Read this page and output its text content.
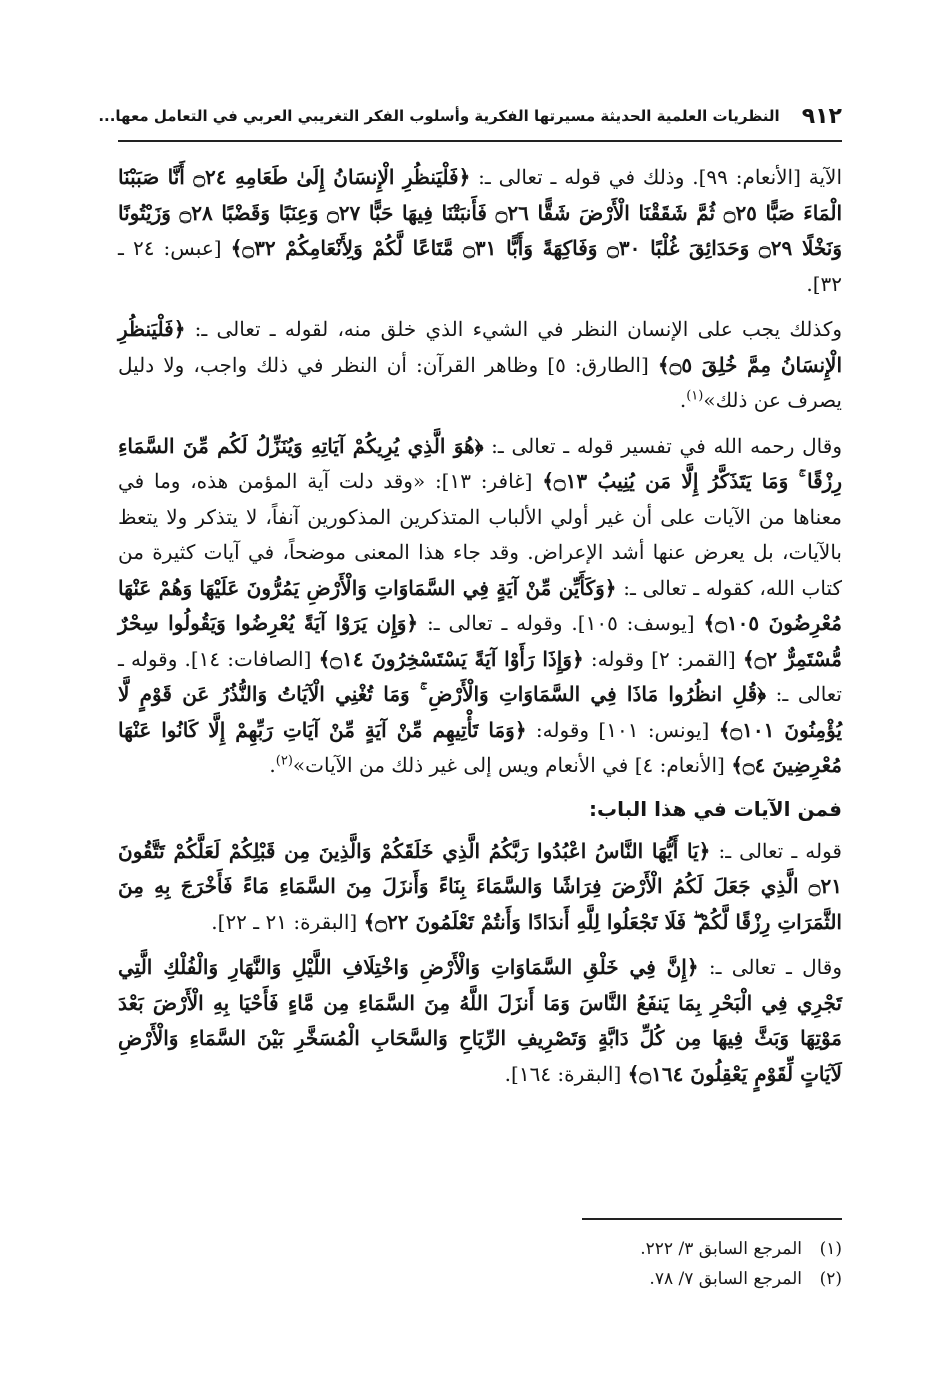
٩١٢
النظريات العلمية الحديثة مسيرتها الفكرية وأسلوب الفكر التغريبي العربي في التعامل معها...

الآية [الأنعام: ٩٩]. وذلك في قوله ـ تعالى ـ: ﴿فَلْيَنظُرِ الْإِنسَانُ إِلَىٰ طَعَامِهِ ۝٢٤ أَنَّا صَبَبْنَا الْمَاءَ صَبًّا ۝٢٥ ثُمَّ شَقَقْنَا الْأَرْضَ شَقًّا ۝٢٦ فَأَنبَتْنَا فِيهَا حَبًّا ۝٢٧ وَعِنَبًا وَقَضْبًا ۝٢٨ وَزَيْتُونًا وَنَخْلًا ۝٢٩ وَحَدَائِقَ غُلْبًا ۝٣٠ وَفَاكِهَةً وَأَبًّا ۝٣١ مَّتَاعًا لَّكُمْ وَلِأَنْعَامِكُمْ ۝٣٢﴾ [عبس: ٢٤ ـ ٣٢].

وكذلك يجب على الإنسان النظر في الشيء الذي خلق منه، لقوله ـ تعالى ـ: ﴿فَلْيَنظُرِ الْإِنسَانُ مِمَّ خُلِقَ ۝٥﴾ [الطارق: ٥] وظاهر القرآن: أن النظر في ذلك واجب، ولا دليل يصرف عن ذلك»$^{(١)}$.

وقال رحمه الله في تفسير قوله ـ تعالى ـ: ﴿هُوَ الَّذِي يُرِيكُمْ آيَاتِهِ وَيُنَزِّلُ لَكُم مِّنَ السَّمَاءِ رِزْقًا ۚ وَمَا يَتَذَكَّرُ إِلَّا مَن يُنِيبُ ۝١٣﴾ [غافر: ١٣]: «وقد دلت آية المؤمن هذه، وما في معناها من الآيات على أن غير أولي الألباب المتذكرين المذكورين آنفاً، لا يتذكر ولا يتعظ بالآيات، بل يعرض عنها أشد الإعراض. وقد جاء هذا المعنى موضحاً، في آيات كثيرة من كتاب الله، كقوله ـ تعالى ـ: ﴿وَكَأَيِّن مِّنْ آيَةٍ فِي السَّمَاوَاتِ وَالْأَرْضِ يَمُرُّونَ عَلَيْهَا وَهُمْ عَنْهَا مُعْرِضُونَ ۝١٠٥﴾ [يوسف: ١٠٥]. وقوله ـ تعالى ـ: ﴿وَإِن يَرَوْا آيَةً يُعْرِضُوا وَيَقُولُوا سِحْرٌ مُّسْتَمِرٌّ ۝٢﴾ [القمر: ٢] وقوله: ﴿وَإِذَا رَأَوْا آيَةً يَسْتَسْخِرُونَ ۝١٤﴾ [الصافات: ١٤]. وقوله ـ تعالى ـ: ﴿قُلِ انظُرُوا مَاذَا فِي السَّمَاوَاتِ وَالْأَرْضِ ۚ وَمَا تُغْنِي الْآيَاتُ وَالنُّذُرُ عَن قَوْمٍ لَّا يُؤْمِنُونَ ۝١٠١﴾ [يونس: ١٠١] وقوله: ﴿وَمَا تَأْتِيهِم مِّنْ آيَةٍ مِّنْ آيَاتِ رَبِّهِمْ إِلَّا كَانُوا عَنْهَا مُعْرِضِينَ ۝٤﴾ [الأنعام: ٤] في الأنعام ويس إلى غير ذلك من الآيات»$^{(٢)}$.

فمن الآيات في هذا الباب:

قوله ـ تعالى ـ: ﴿يَا أَيُّهَا النَّاسُ اعْبُدُوا رَبَّكُمُ الَّذِي خَلَقَكُمْ وَالَّذِينَ مِن قَبْلِكُمْ لَعَلَّكُمْ تَتَّقُونَ ۝٢١ الَّذِي جَعَلَ لَكُمُ الْأَرْضَ فِرَاشًا وَالسَّمَاءَ بِنَاءً وَأَنزَلَ مِنَ السَّمَاءِ مَاءً فَأَخْرَجَ بِهِ مِنَ الثَّمَرَاتِ رِزْقًا لَّكُمْ ۖ فَلَا تَجْعَلُوا لِلَّهِ أَندَادًا وَأَنتُمْ تَعْلَمُونَ ۝٢٢﴾ [البقرة: ٢١ ـ ٢٢].

وقال ـ تعالى ـ: ﴿إِنَّ فِي خَلْقِ السَّمَاوَاتِ وَالْأَرْضِ وَاخْتِلَافِ اللَّيْلِ وَالنَّهَارِ وَالْفُلْكِ الَّتِي تَجْرِي فِي الْبَحْرِ بِمَا يَنفَعُ النَّاسَ وَمَا أَنزَلَ اللَّهُ مِنَ السَّمَاءِ مِن مَّاءٍ فَأَحْيَا بِهِ الْأَرْضَ بَعْدَ مَوْتِهَا وَبَثَّ فِيهَا مِن كُلِّ دَابَّةٍ وَتَصْرِيفِ الرِّيَاحِ وَالسَّحَابِ الْمُسَخَّرِ بَيْنَ السَّمَاءِ وَالْأَرْضِ لَآيَاتٍ لِّقَوْمٍ يَعْقِلُونَ ۝١٦٤﴾ [البقرة: ١٦٤].

(١)المرجع السابق ٣/ ٢٢٢.
(٢)المرجع السابق ٧/ ٧٨.
